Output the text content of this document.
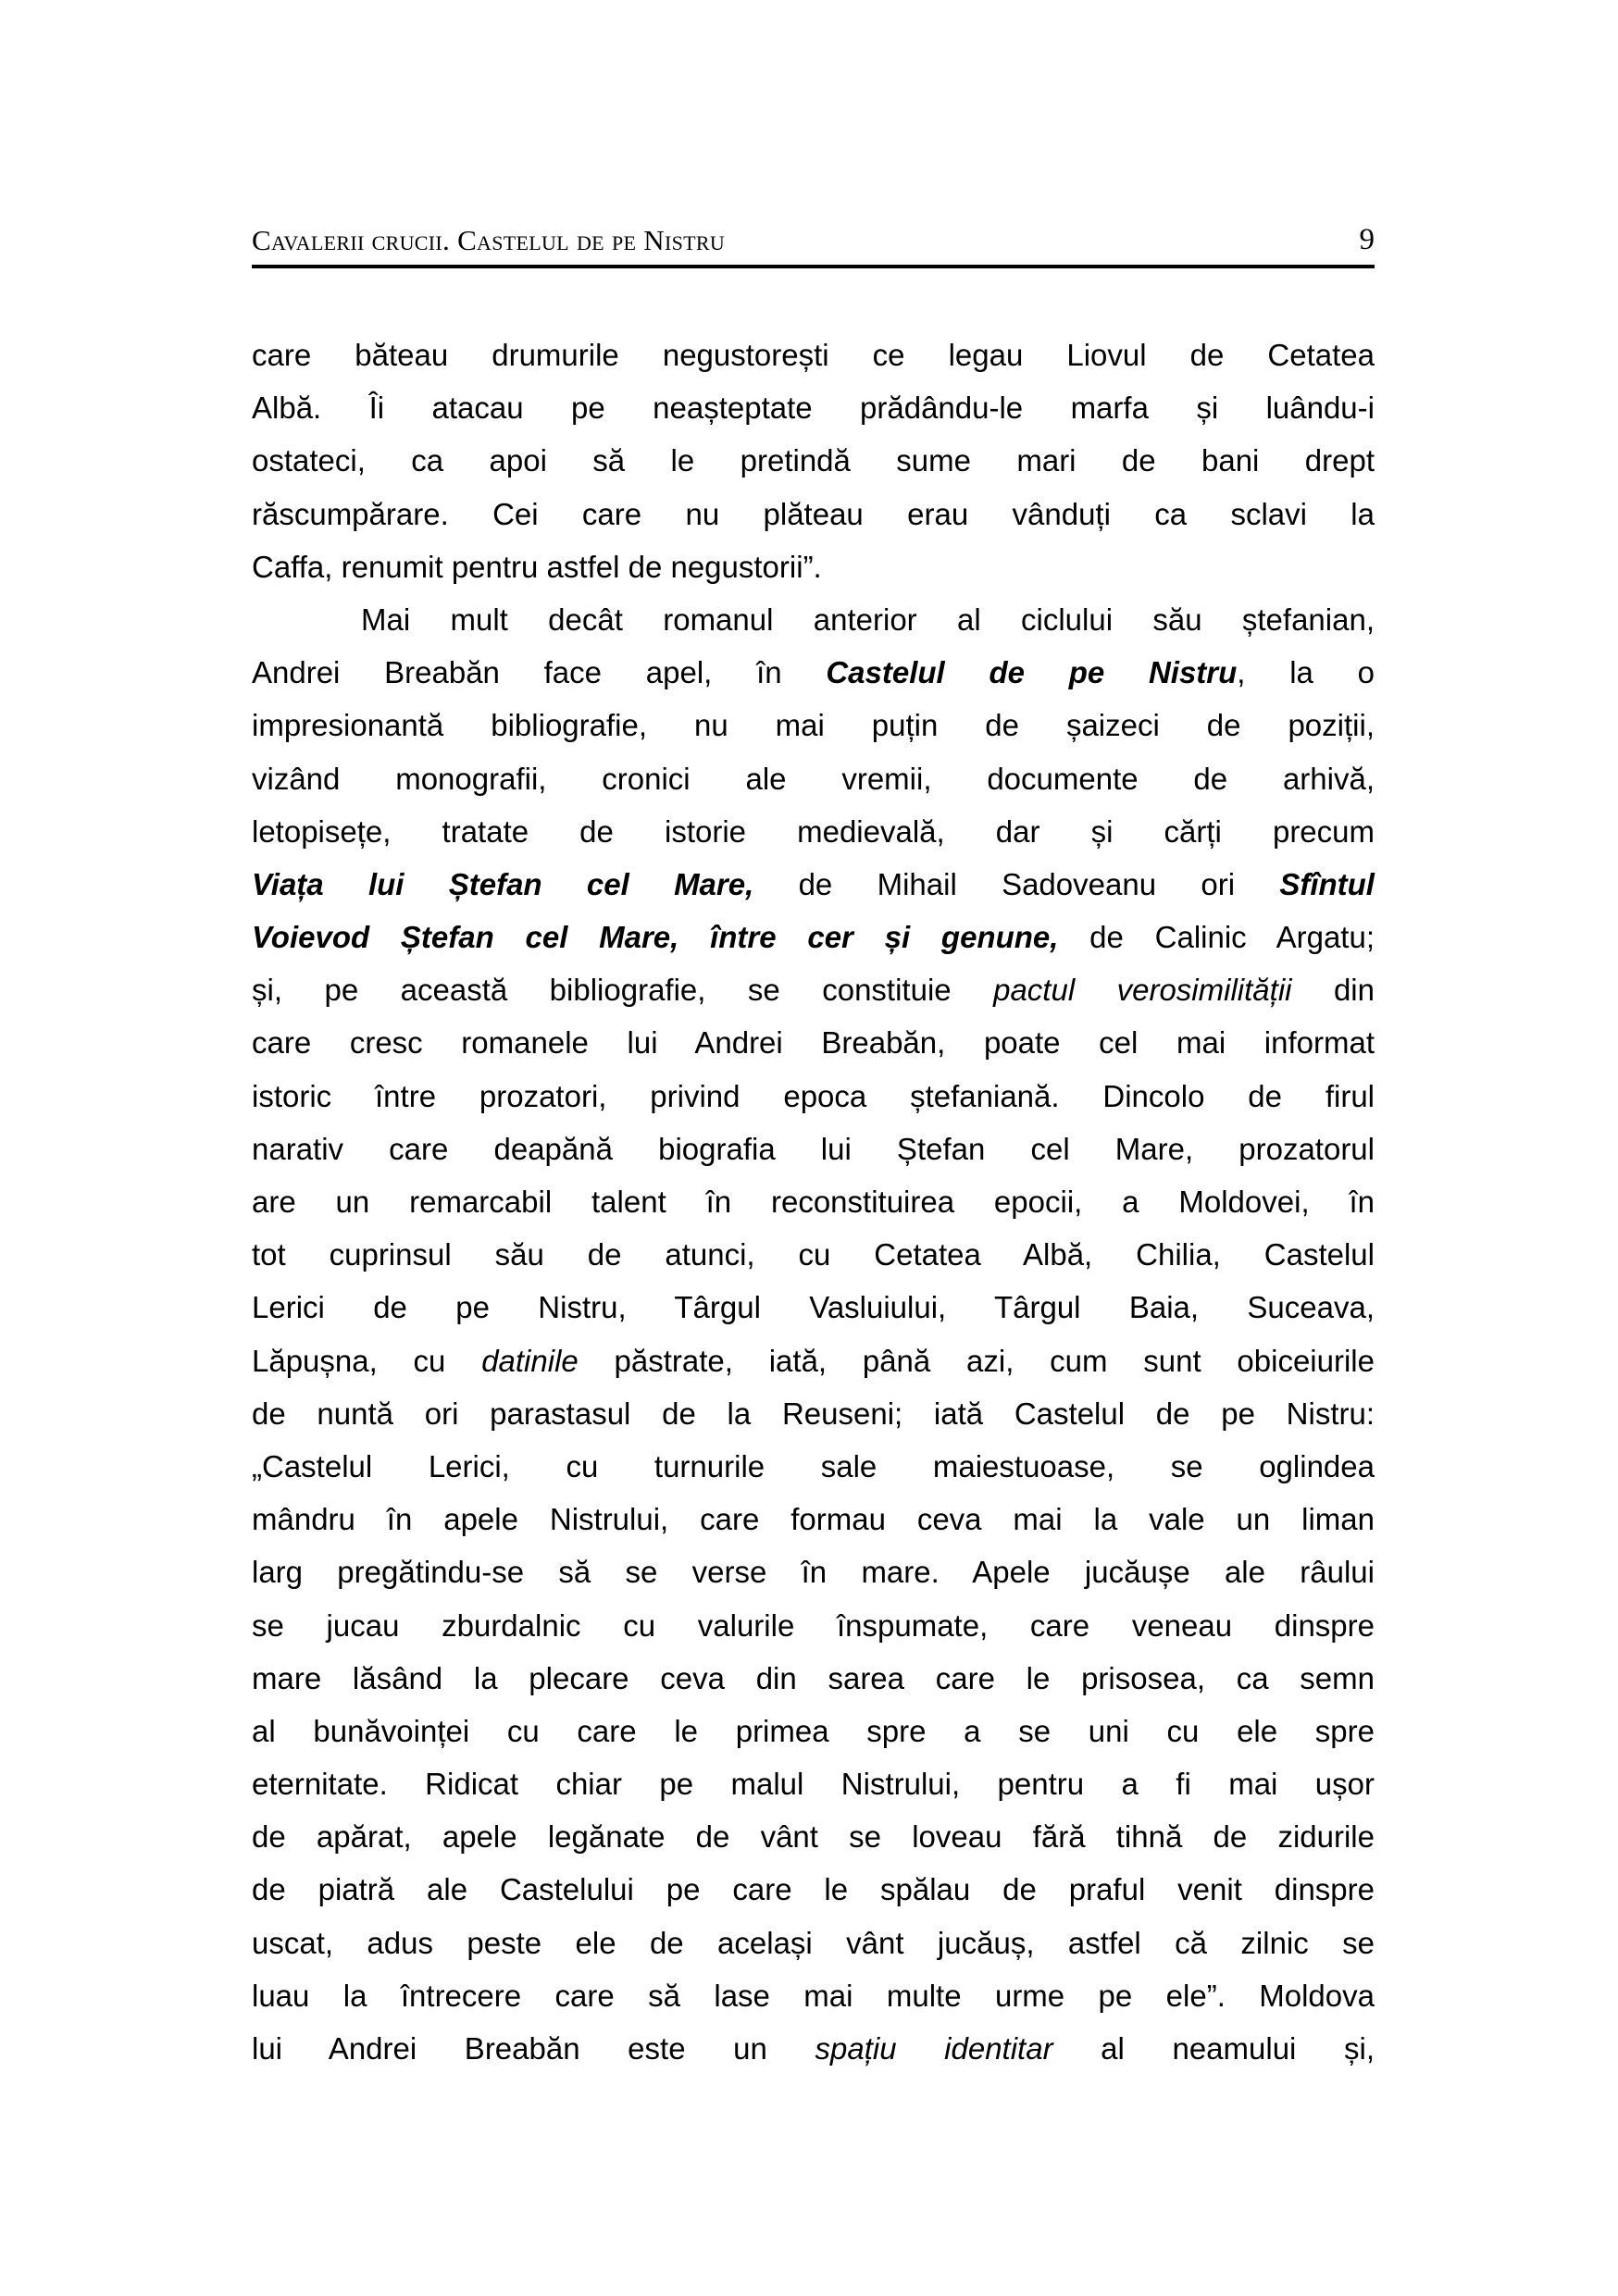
Cavalerii crucii. Castelul de pe Nistru	9
care băteau drumurile negustorești ce legau Liovul de Cetatea
Albă. Îi atacau pe neașteptate prădându-le marfa și luându-i
ostateci, ca apoi să le pretindă sume mari de bani drept
răscumpărare. Cei care nu plăteau erau vânduți ca sclavi la
Caffa, renumit pentru astfel de negustorii”.
Mai mult decât romanul anterior al ciclului său ștefanian,
Andrei Breabăn face apel, în Castelul de pe Nistru, la o
impresionantă bibliografie, nu mai puțin de șaizeci de poziții,
vizând monografii, cronici ale vremii, documente de arhivă,
letopisețe, tratate de istorie medievală, dar și cărți precum
Viața lui Ștefan cel Mare, de Mihail Sadoveanu ori Sfîntul
Voievod Ștefan cel Mare, între cer și genune, de Calinic Argatu;
și, pe această bibliografie, se constituie pactul verosimilității din
care cresc romanele lui Andrei Breabăn, poate cel mai informat
istoric între prozatori, privind epoca ștefaniană. Dincolo de firul
narativ care deapănă biografia lui Ștefan cel Mare, prozatorul
are un remarcabil talent în reconstituirea epocii, a Moldovei, în
tot cuprinsul său de atunci, cu Cetatea Albă, Chilia, Castelul
Lerici de pe Nistru, Târgul Vasluiului, Târgul Baia, Suceava,
Lăpușna, cu datinile păstrate, iată, până azi, cum sunt obiceiurile
de nuntă ori parastasul de la Reuseni; iată Castelul de pe Nistru:
„Castelul Lerici, cu turnurile sale maiestuoase, se oglindea
mândru în apele Nistrului, care formau ceva mai la vale un liman
larg pregătindu-se să se verse în mare. Apele jucăușe ale râului
se jucau zburdalnic cu valurile înspumate, care veneau dinspre
mare lăsând la plecare ceva din sarea care le prisosea, ca semn
al bunăvoinței cu care le primea spre a se uni cu ele spre
eternitate. Ridicat chiar pe malul Nistrului, pentru a fi mai ușor
de apărat, apele legănate de vânt se loveau fără tihnă de zidurile
de piatră ale Castelului pe care le spălau de praful venit dinspre
uscat, adus peste ele de același vânt jucăuș, astfel că zilnic se
luau la întrecere care să lase mai multe urme pe ele”. Moldova
lui Andrei Breabăn este un spațiu identitar al neamului și,
